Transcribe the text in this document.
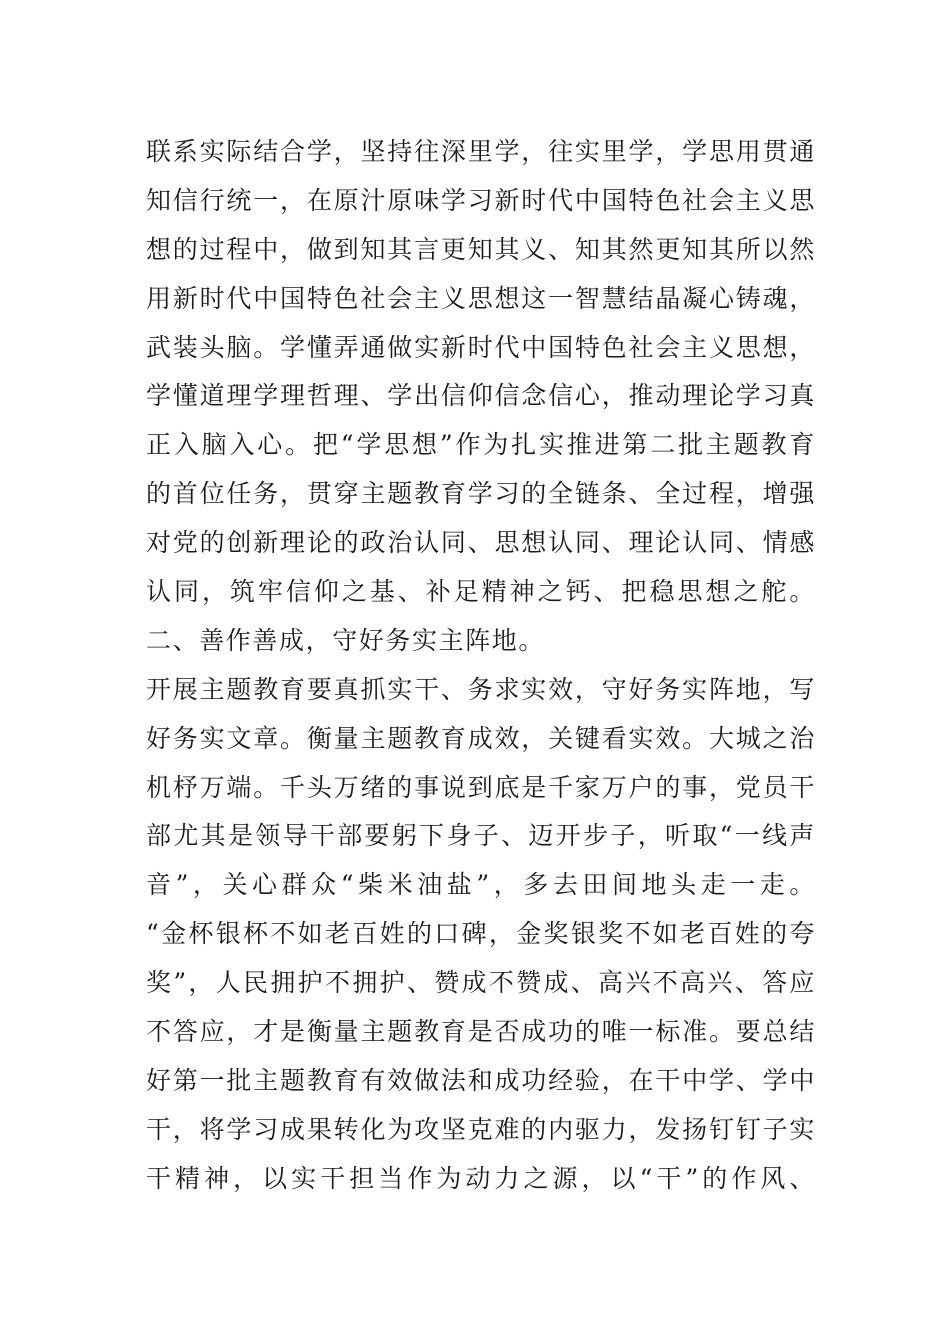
联系实际结合学，坚持往深里学，往实里学，学思用贯通
知信行统一，在原汁原味学习新时代中国特色社会主义思
想的过程中，做到知其言更知其义、知其然更知其所以然
用新时代中国特色社会主义思想这一智慧结晶凝心铸魂，
武装头脑。学懂弄通做实新时代中国特色社会主义思想，
学懂道理学理哲理、学出信仰信念信心，推动理论学习真
正入脑入心。把“学思想”作为扎实推进第二批主题教育
的首位任务，贯穿主题教育学习的全链条、全过程，增强
对党的创新理论的政治认同、思想认同、理论认同、情感
认同，筑牢信仰之基、补足精神之钙、把稳思想之舵。
二、善作善成，守好务实主阵地。
开展主题教育要真抓实干、务求实效，守好务实阵地，写
好务实文章。衡量主题教育成效，关键看实效。大城之治
机杼万端。千头万绪的事说到底是千家万户的事，党员干
部尤其是领导干部要躬下身子、迈开步子，听取“一线声
音”，关心群众“柴米油盐”，多去田间地头走一走。
“金杯银杯不如老百姓的口碑，金奖银奖不如老百姓的夸
奖”，人民拥护不拥护、赞成不赞成、高兴不高兴、答应
不答应，才是衡量主题教育是否成功的唯一标准。要总结
好第一批主题教育有效做法和成功经验，在干中学、学中
干，将学习成果转化为攻坚克难的内驱力，发扬钉钉子实
干精神，以实干担当作为动力之源，以“干”的作风、
